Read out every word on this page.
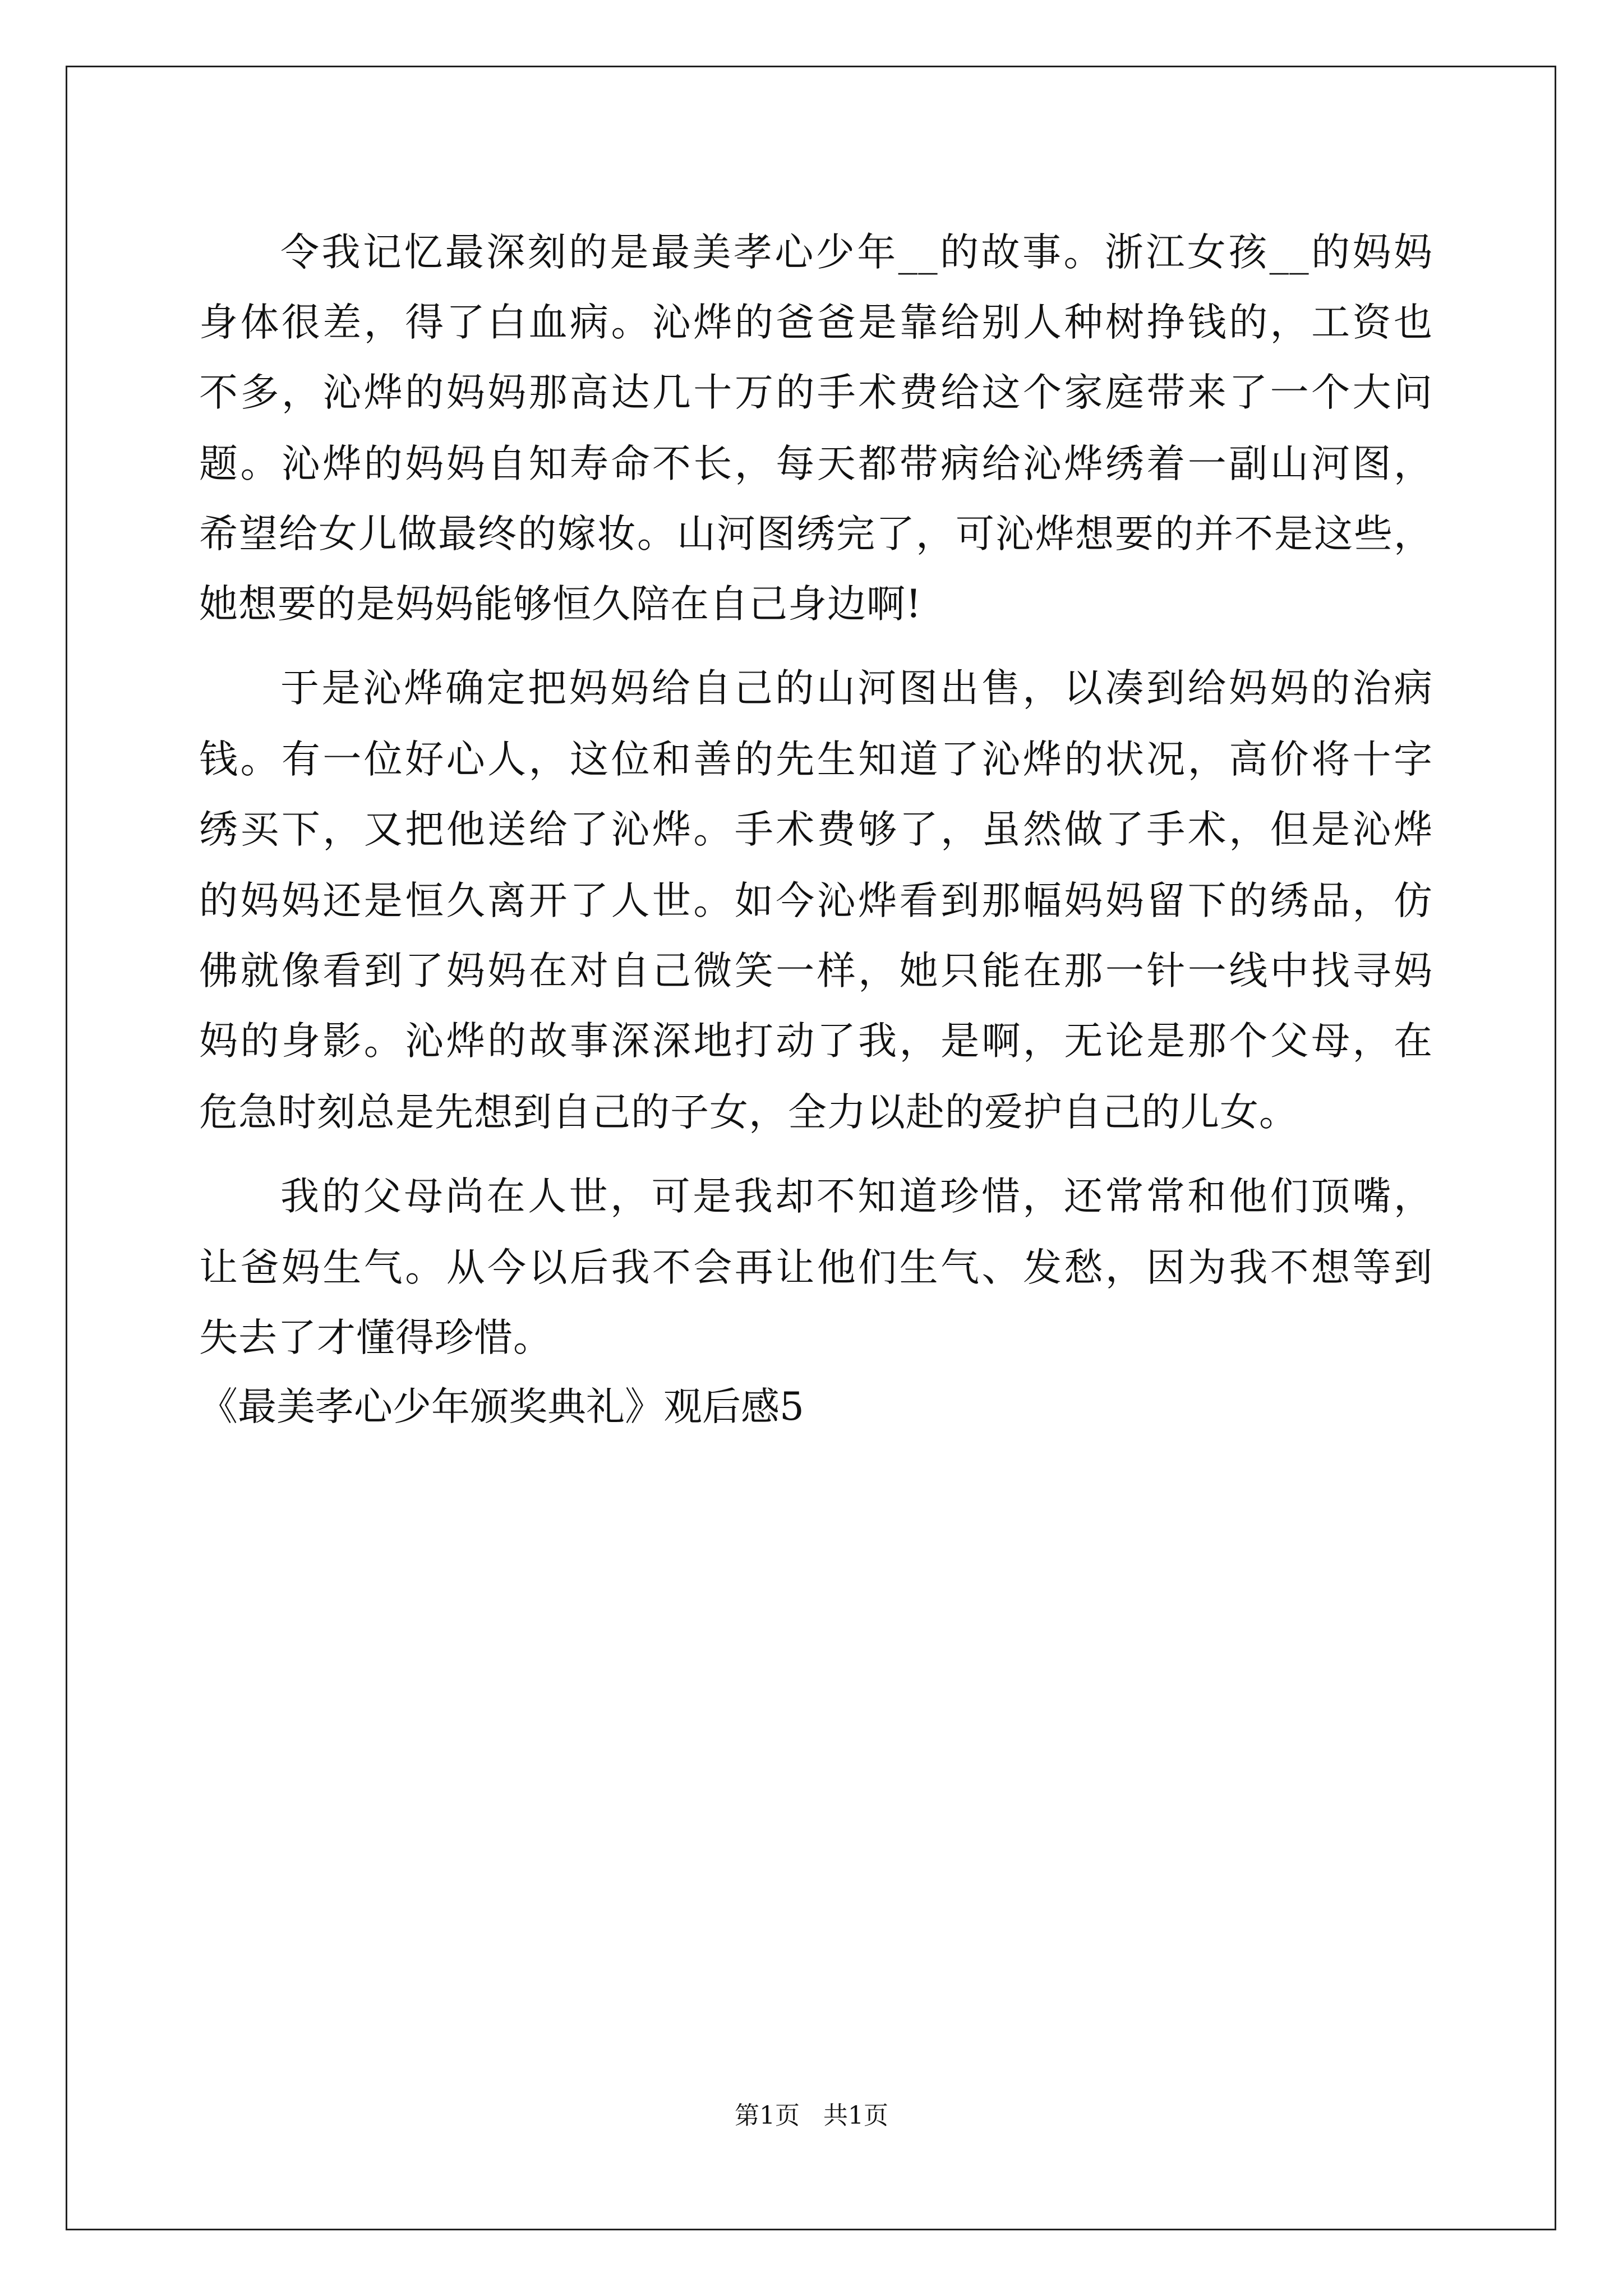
令我记忆最深刻的是最美孝心少年__的故事。浙江女孩__的妈妈
身体很差，得了白血病。沁烨的爸爸是靠给别人种树挣钱的，工资也
不多，沁烨的妈妈那高达几十万的手术费给这个家庭带来了一个大问
题。沁烨的妈妈自知寿命不长，每天都带病给沁烨绣着一副山河图，
希望给女儿做最终的嫁妆。山河图绣完了，可沁烨想要的并不是这些，
她想要的是妈妈能够恒久陪在自己身边啊!
于是沁烨确定把妈妈给自己的山河图出售，以凑到给妈妈的治病
钱。有一位好心人，这位和善的先生知道了沁烨的状况，高价将十字
绣买下，又把他送给了沁烨。手术费够了，虽然做了手术，但是沁烨
的妈妈还是恒久离开了人世。如今沁烨看到那幅妈妈留下的绣品，仿
佛就像看到了妈妈在对自己微笑一样，她只能在那一针一线中找寻妈
妈的身影。沁烨的故事深深地打动了我，是啊，无论是那个父母，在
危急时刻总是先想到自己的子女，全力以赴的爱护自己的儿女。
我的父母尚在人世，可是我却不知道珍惜，还常常和他们顶嘴，
让爸妈生气。从今以后我不会再让他们生气、发愁，因为我不想等到
失去了才懂得珍惜。
《最美孝心少年颁奖典礼》观后感5
第1页   共1页
